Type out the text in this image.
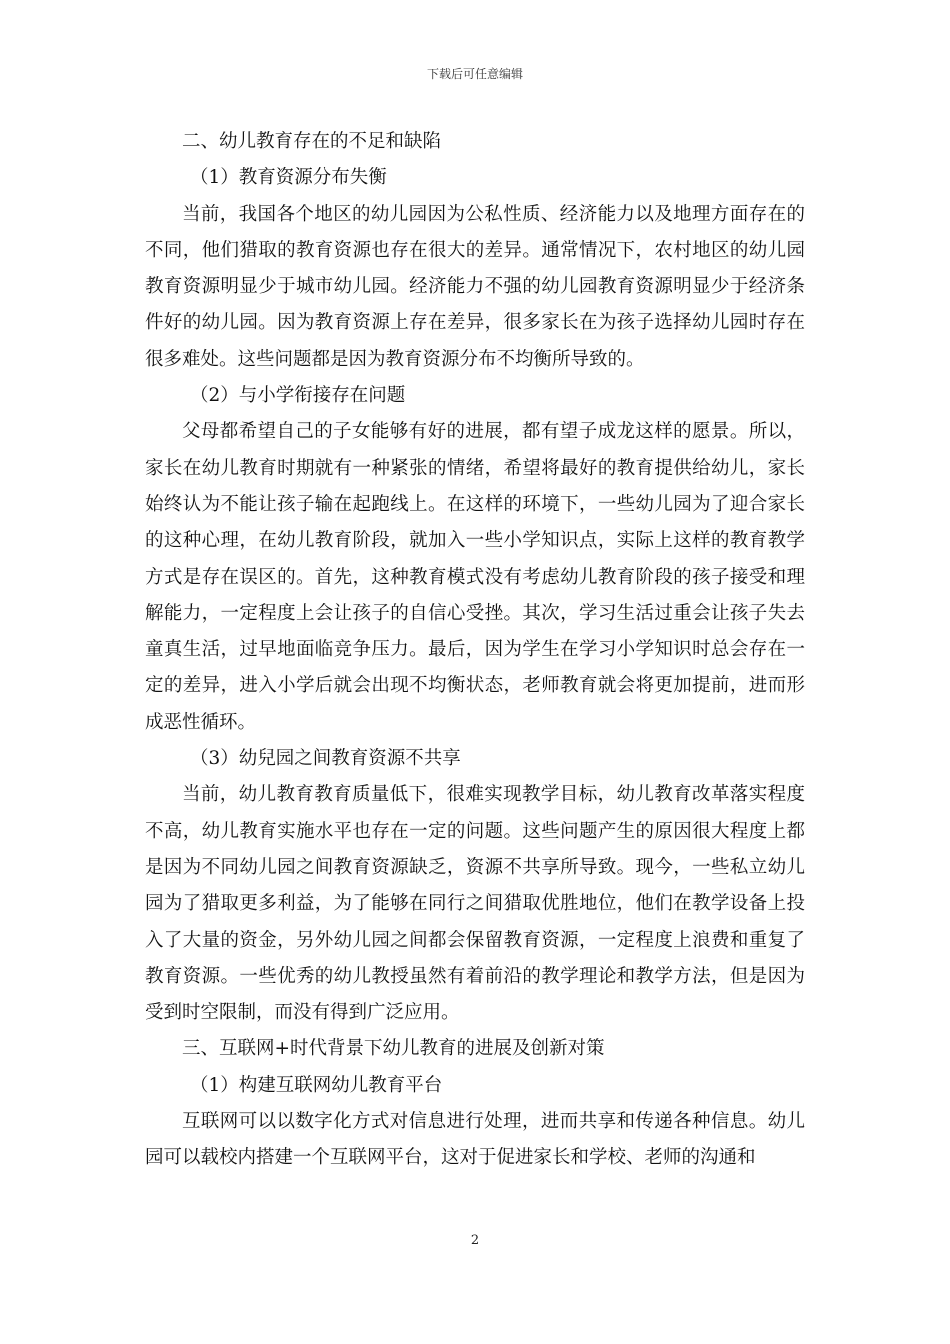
下载后可任意编辑

二、幼儿教育存在的不足和缺陷

（1）教育资源分布失衡

当前，我国各个地区的幼儿园因为公私性质、经济能力以及地理方面存在的不同，他们猎取的教育资源也存在很大的差异。通常情况下，农村地区的幼儿园教育资源明显少于城市幼儿园。经济能力不强的幼儿园教育资源明显少于经济条件好的幼儿园。因为教育资源上存在差异，很多家长在为孩子选择幼儿园时存在很多难处。这些问题都是因为教育资源分布不均衡所导致的。

（2）与小学衔接存在问题

父母都希望自己的子女能够有好的进展，都有望子成龙这样的愿景。所以，家长在幼儿教育时期就有一种紧张的情绪，希望将最好的教育提供给幼儿，家长始终认为不能让孩子输在起跑线上。在这样的环境下，一些幼儿园为了迎合家长的这种心理，在幼儿教育阶段，就加入一些小学知识点，实际上这样的教育教学方式是存在误区的。首先，这种教育模式没有考虑幼儿教育阶段的孩子接受和理解能力，一定程度上会让孩子的自信心受挫。其次，学习生活过重会让孩子失去童真生活，过早地面临竞争压力。最后，因为学生在学习小学知识时总会存在一定的差异，进入小学后就会出现不均衡状态，老师教育就会将更加提前，进而形成恶性循环。

（3）幼兒园之间教育资源不共享

当前，幼儿教育教育质量低下，很难实现教学目标，幼儿教育改革落实程度不高，幼儿教育实施水平也存在一定的问题。这些问题产生的原因很大程度上都是因为不同幼儿园之间教育资源缺乏，资源不共享所导致。现今，一些私立幼儿园为了猎取更多利益，为了能够在同行之间猎取优胜地位，他们在教学设备上投入了大量的资金，另外幼儿园之间都会保留教育资源，一定程度上浪费和重复了教育资源。一些优秀的幼儿教授虽然有着前沿的教学理论和教学方法，但是因为受到时空限制，而没有得到广泛应用。

三、互联网+时代背景下幼儿教育的进展及创新对策

（1）构建互联网幼儿教育平台

互联网可以以数字化方式对信息进行处理，进而共享和传递各种信息。幼儿园可以载校内搭建一个互联网平台，这对于促进家长和学校、老师的沟通和

2
